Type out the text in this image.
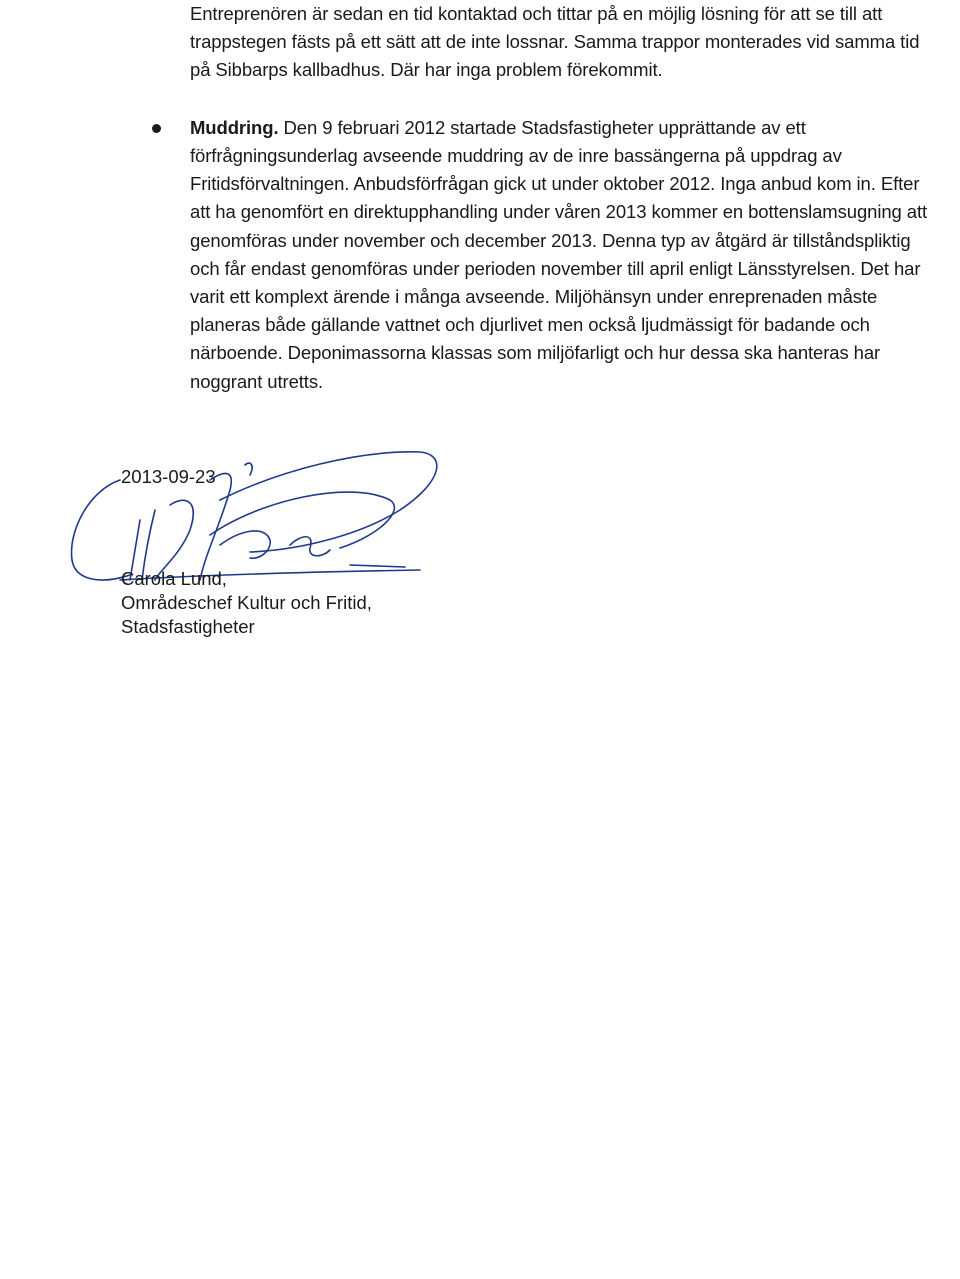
Entreprenören är sedan en tid kontaktad och tittar på en möjlig lösning för att se till att
trappstegen fästs på ett sätt att de inte lossnar. Samma trappor monterades vid samma tid
på Sibbarps kallbadhus. Där har inga problem förekommit.
Muddring. Den 9 februari 2012 startade Stadsfastigheter upprättande av ett
förfrågningsunderlag avseende muddring av de inre bassängerna på uppdrag av
Fritidsförvaltningen. Anbudsförfrågan gick ut under oktober 2012. Inga anbud kom in. Efter
att ha genomfört en direktupphandling under våren 2013 kommer en bottenslamsugning att
genomföras under november och december 2013. Denna typ av åtgärd är tillståndspliktig
och får endast genomföras under perioden november till april enligt Länsstyrelsen. Det har
varit ett komplext ärende i många avseende. Miljöhänsyn under enreprenaden måste
planeras både gällande vattnet och djurlivet men också ljudmässigt för badande och
närboende. Deponimassorna klassas som miljöfarligt och hur dessa ska hanteras har
noggrant utretts.
2013-09-23
Carola Lund,
Områdeschef Kultur och Fritid,
Stadsfastigheter
